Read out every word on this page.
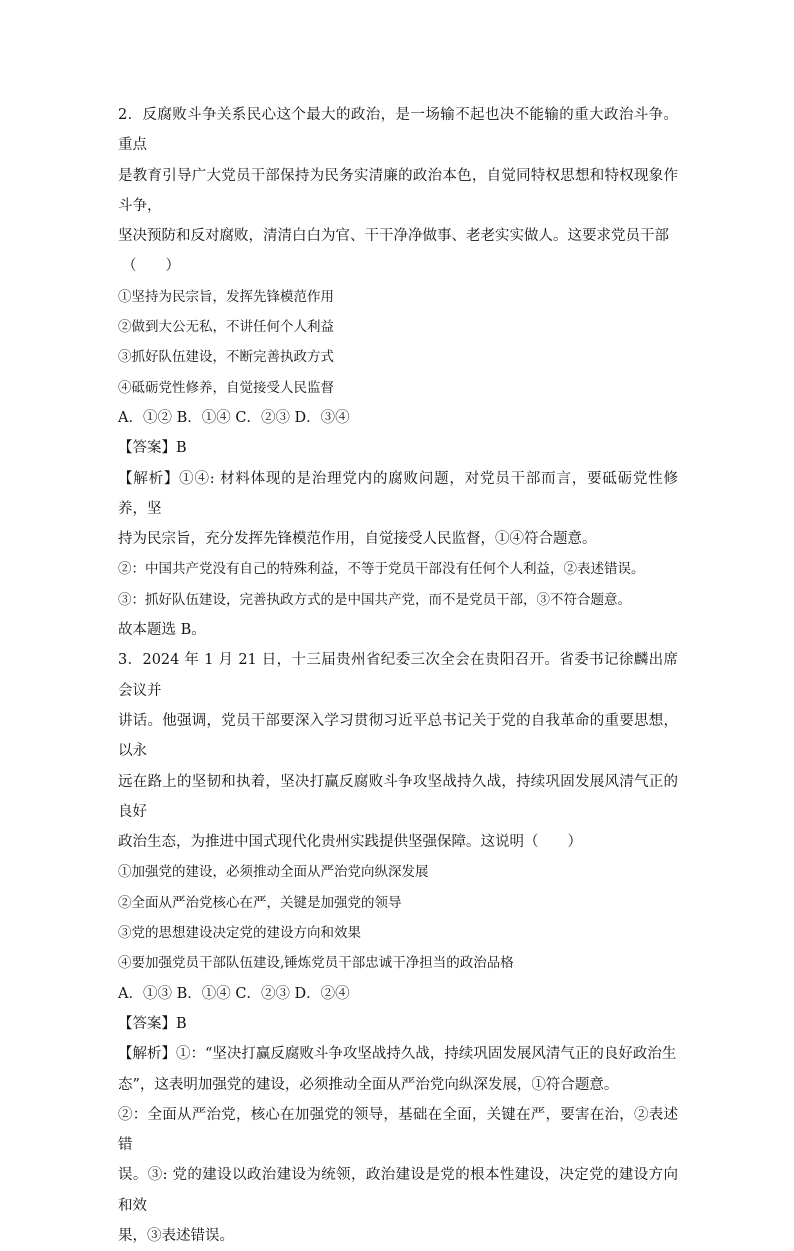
2．反腐败斗争关系民心这个最大的政治，是一场输不起也决不能输的重大政治斗争。重点

是教育引导广大党员干部保持为民务实清廉的政治本色，自觉同特权思想和特权现象作斗争，

坚决预防和反对腐败，清清白白为官、干干净净做事、老老实实做人。这要求党员干部

（　　）

①坚持为民宗旨，发挥先锋模范作用

②做到大公无私，不讲任何个人利益

③抓好队伍建设，不断完善执政方式

④砥砺党性修养，自觉接受人民监督

A．①② B．①④ C．②③ D．③④

【答案】B

【解析】①④: 材料体现的是治理党内的腐败问题，对党员干部而言，要砥砺党性修养，坚

持为民宗旨，充分发挥先锋模范作用，自觉接受人民监督，①④符合题意。

②：中国共产党没有自己的特殊利益，不等于党员干部没有任何个人利益，②表述错误。

③：抓好队伍建设，完善执政方式的是中国共产党，而不是党员干部，③不符合题意。

故本题选 B。

3．2024 年 1 月 21 日，十三届贵州省纪委三次全会在贵阳召开。省委书记徐麟出席会议并

讲话。他强调，党员干部要深入学习贯彻习近平总书记关于党的自我革命的重要思想，以永

远在路上的坚韧和执着，坚决打赢反腐败斗争攻坚战持久战，持续巩固发展风清气正的良好

政治生态，为推进中国式现代化贵州实践提供坚强保障。这说明（　　）

①加强党的建设，必须推动全面从严治党向纵深发展

②全面从严治党核心在严，关键是加强党的领导

③党的思想建设决定党的建设方向和效果

④要加强党员干部队伍建设,锤炼党员干部忠诚干净担当的政治品格

A．①③ B．①④ C．②③ D．②④

【答案】B

【解析】①：“坚决打赢反腐败斗争攻坚战持久战，持续巩固发展风清气正的良好政治生

态”，这表明加强党的建设，必须推动全面从严治党向纵深发展，①符合题意。

②：全面从严治党，核心在加强党的领导，基础在全面，关键在严，要害在治，②表述错

误。③: 党的建设以政治建设为统领，政治建设是党的根本性建设，决定党的建设方向和效

果，③表述错误。
